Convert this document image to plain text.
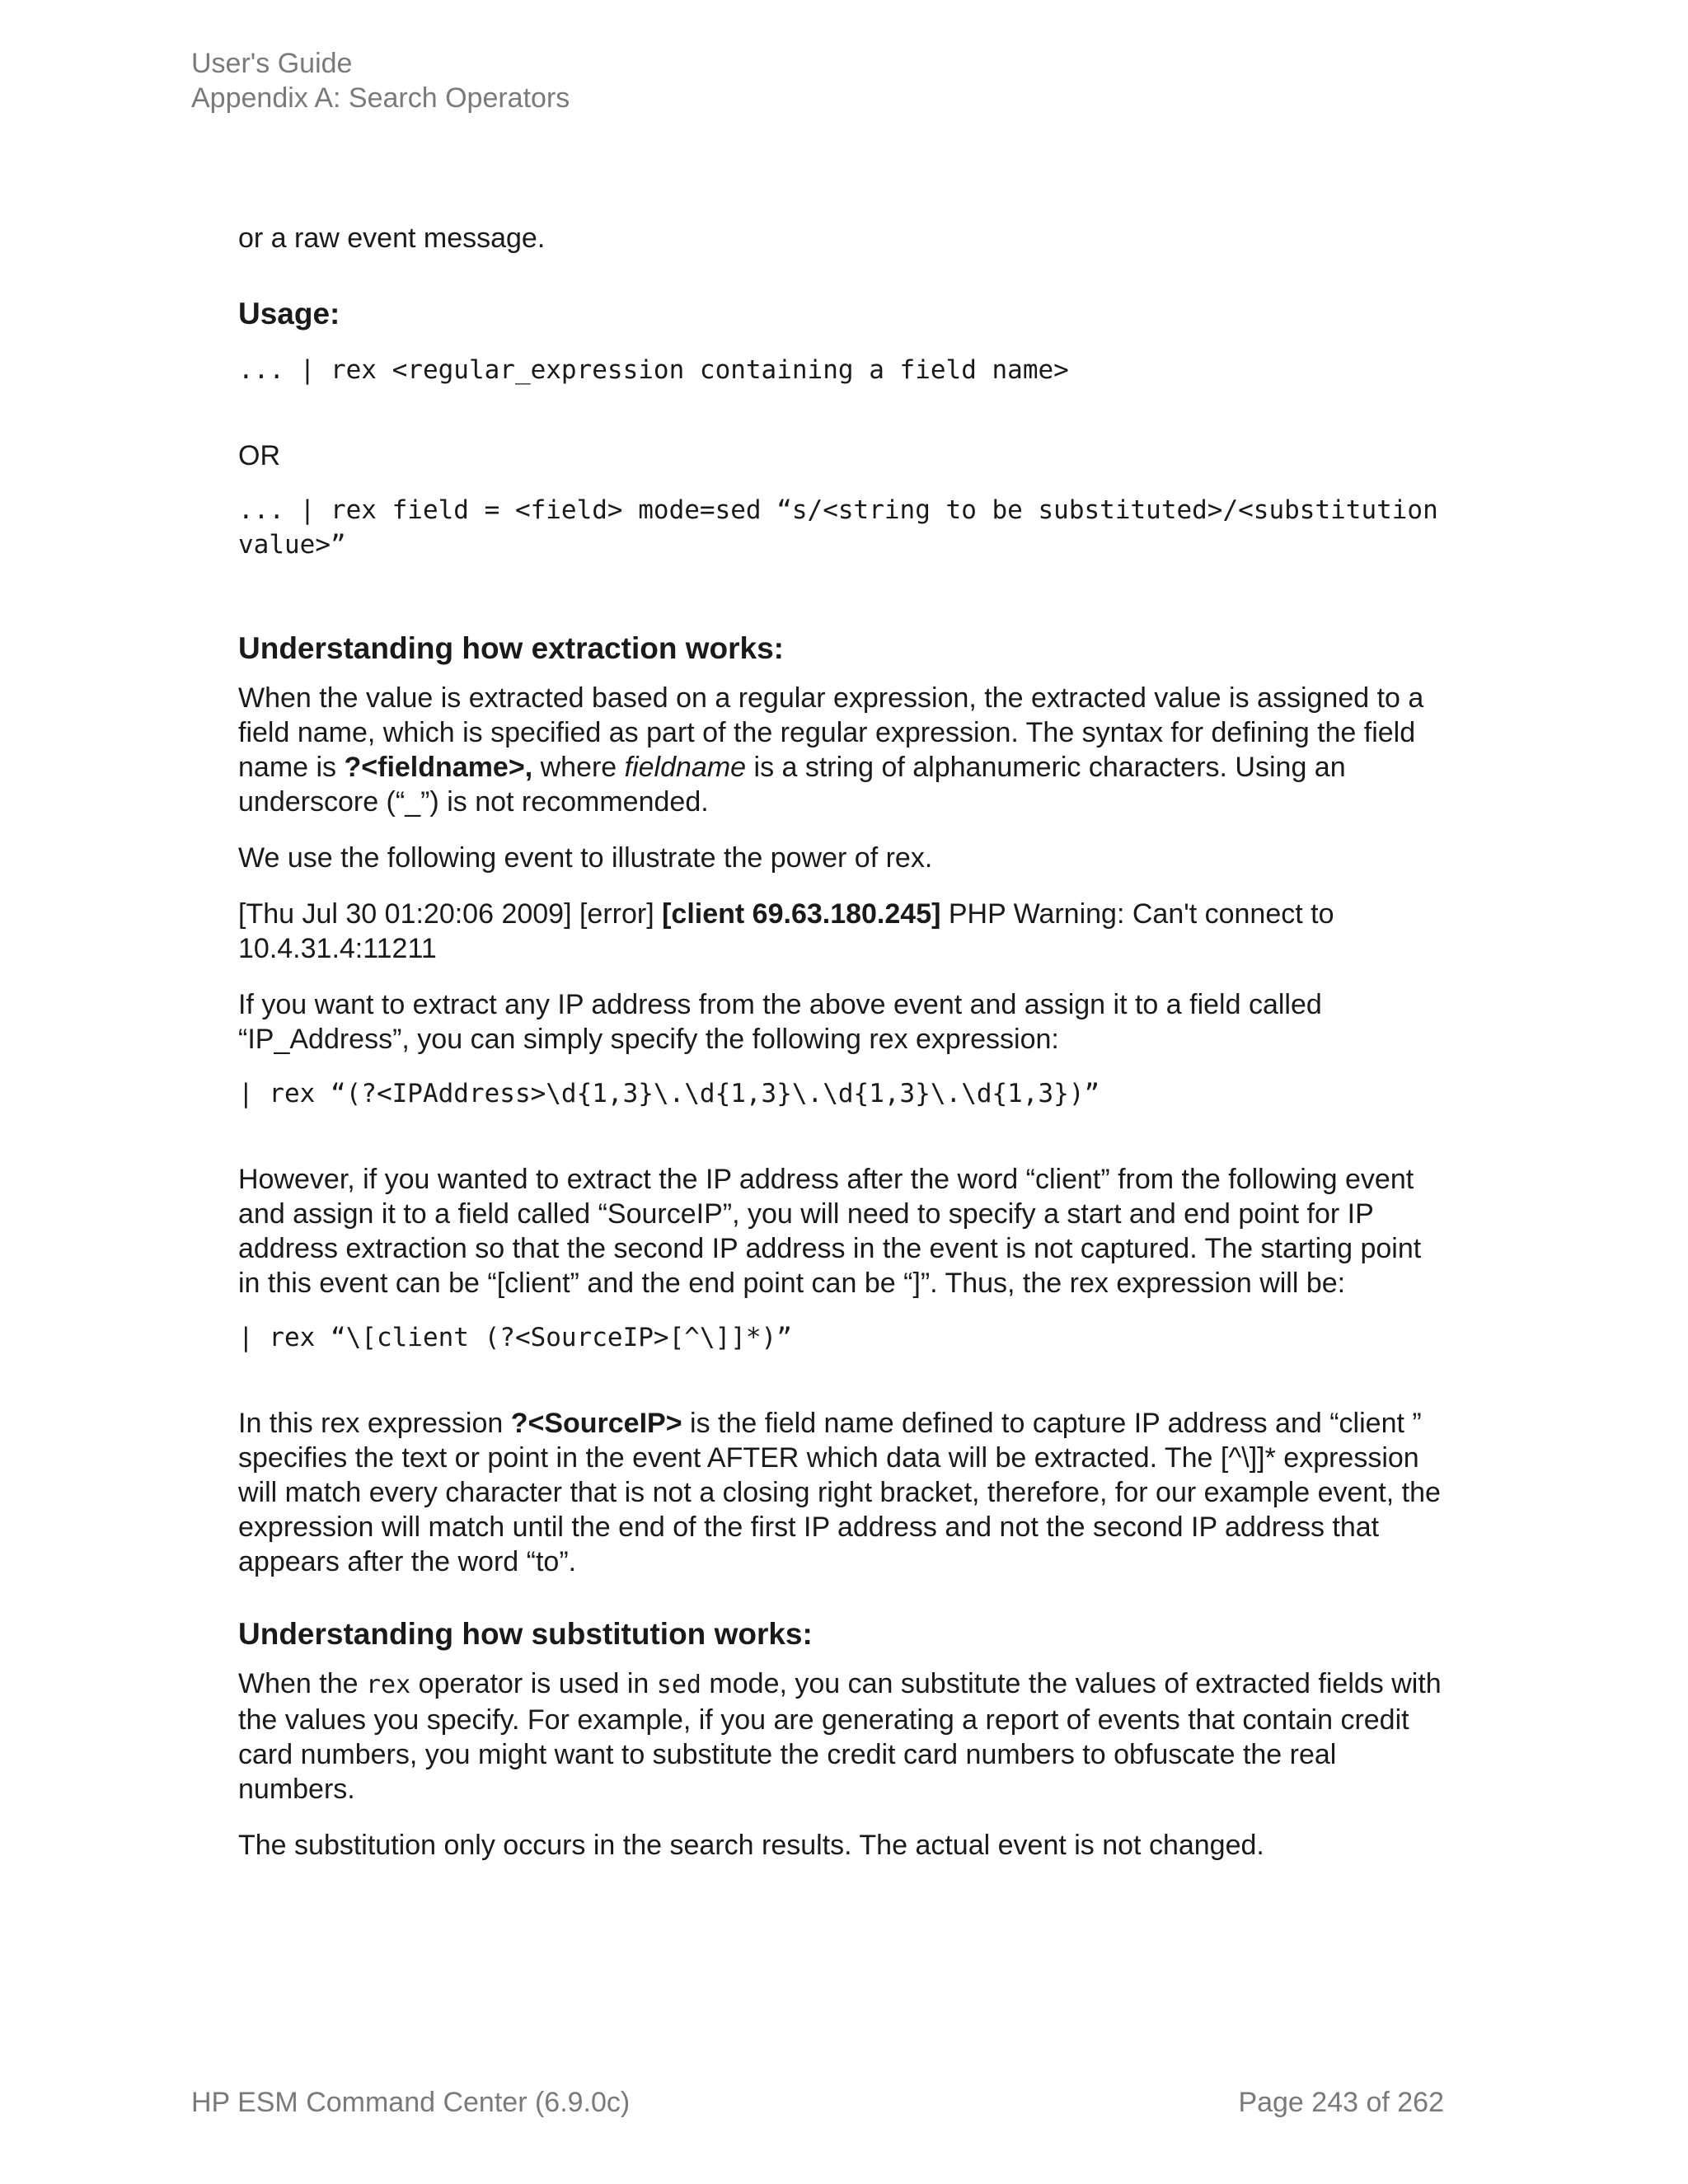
User's Guide
Appendix A: Search Operators

or a raw event message.

Usage:
... | rex <regular_expression containing a field name>

OR

... | rex field = <field> mode=sed “s/<string to be substituted>/<substitution value>”
Understanding how extraction works:

When the value is extracted based on a regular expression, the extracted value is assigned to a field name, which is specified as part of the regular expression. The syntax for defining the field name is ?<fieldname>, where fieldname is a string of alphanumeric characters. Using an underscore (“_”) is not recommended.

We use the following event to illustrate the power of rex.

[Thu Jul 30 01:20:06 2009] [error] [client 69.63.180.245] PHP Warning: Can't connect to 10.4.31.4:11211

If you want to extract any IP address from the above event and assign it to a field called “IP_Address”, you can simply specify the following rex expression:

| rex “(?<IPAddress>\d{1,3}\.\d{1,3}\.\d{1,3}\.\d{1,3})”

However, if you wanted to extract the IP address after the word “client” from the following event and assign it to a field called “SourceIP”, you will need to specify a start and end point for IP address extraction so that the second IP address in the event is not captured. The starting point in this event can be “[client” and the end point can be “]”. Thus, the rex expression will be:

| rex “\[client (?<SourceIP>[^\]]*)”

In this rex expression ?<SourceIP> is the field name defined to capture IP address and “client ” specifies the text or point in the event AFTER which data will be extracted. The [^\]]* expression will match every character that is not a closing right bracket, therefore, for our example event, the expression will match until the end of the first IP address and not the second IP address that appears after the word “to”.

Understanding how substitution works:

When the rex operator is used in sed mode, you can substitute the values of extracted fields with the values you specify. For example, if you are generating a report of events that contain credit card numbers, you might want to substitute the credit card numbers to obfuscate the real numbers.

The substitution only occurs in the search results. The actual event is not changed.

HP ESM Command Center (6.9.0c)	Page 243 of 262
